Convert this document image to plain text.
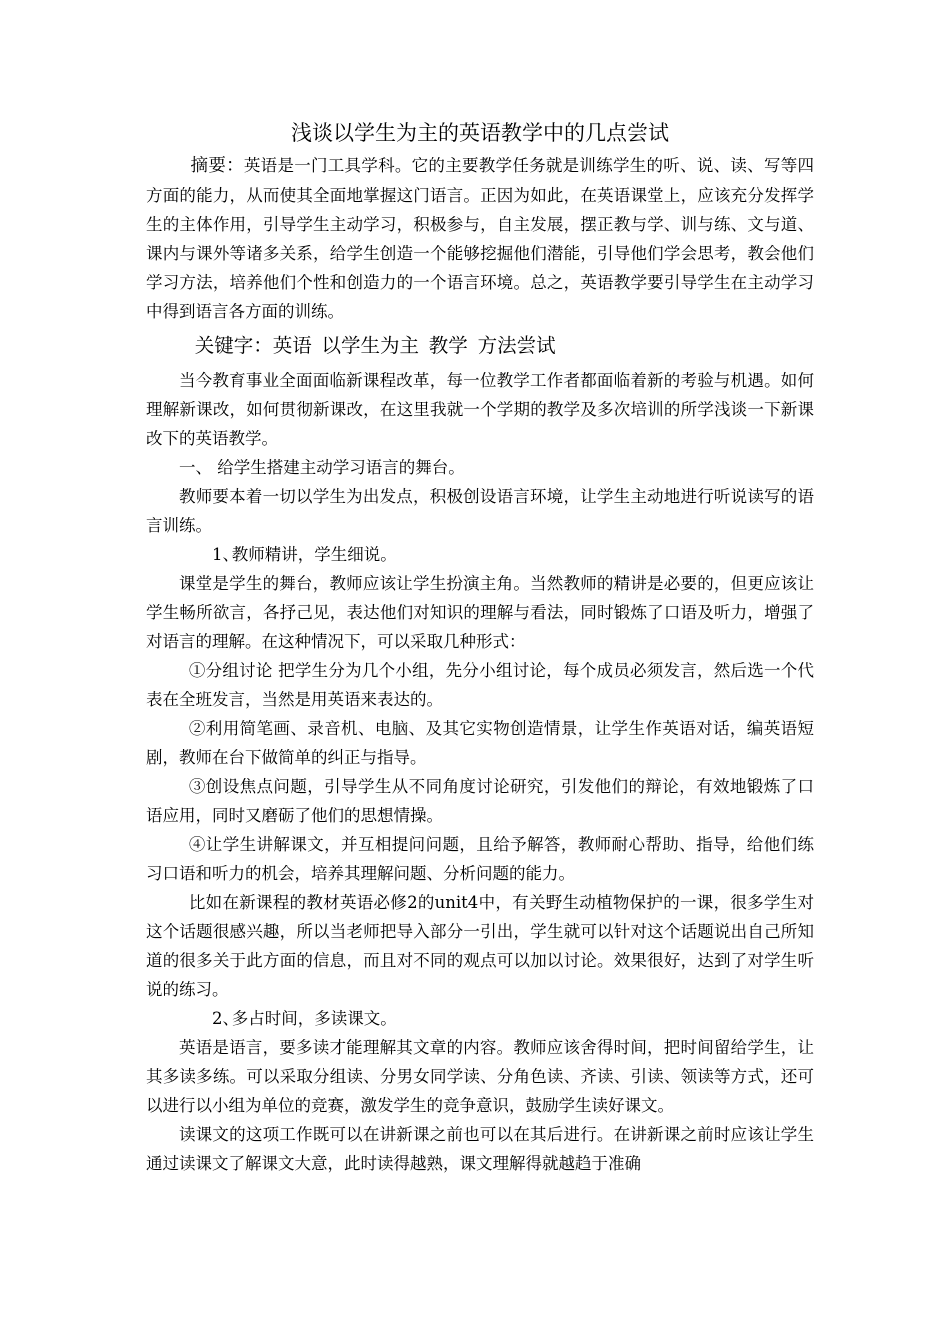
浅谈以学生为主的英语教学中的几点尝试

摘要：英语是一门工具学科。它的主要教学任务就是训练学生的听、说、读、写等四方面的能力，从而使其全面地掌握这门语言。正因为如此，在英语课堂上，应该充分发挥学生的主体作用，引导学生主动学习，积极参与，自主发展，摆正教与学、训与练、文与道、课内与课外等诸多关系，给学生创造一个能够挖掘他们潜能，引导他们学会思考，教会他们学习方法，培养他们个性和创造力的一个语言环境。总之，英语教学要引导学生在主动学习中得到语言各方面的训练。

关键字：英语 以学生为主 教学 方法尝试

当今教育事业全面面临新课程改革，每一位教学工作者都面临着新的考验与机遇。如何理解新课改，如何贯彻新课改，在这里我就一个学期的教学及多次培训的所学浅谈一下新课改下的英语教学。

一、 给学生搭建主动学习语言的舞台。

教师要本着一切以学生为出发点，积极创设语言环境，让学生主动地进行听说读写的语言训练。

1、教师精讲，学生细说。

课堂是学生的舞台，教师应该让学生扮演主角。当然教师的精讲是必要的，但更应该让学生畅所欲言，各抒己见，表达他们对知识的理解与看法，同时锻炼了口语及听力，增强了对语言的理解。在这种情况下，可以采取几种形式：

①分组讨论 把学生分为几个小组，先分小组讨论，每个成员必须发言，然后选一个代表在全班发言，当然是用英语来表达的。

②利用简笔画、录音机、电脑、及其它实物创造情景，让学生作英语对话，编英语短剧，教师在台下做简单的纠正与指导。

③创设焦点问题，引导学生从不同角度讨论研究，引发他们的辩论，有效地锻炼了口语应用，同时又磨砺了他们的思想情操。

④让学生讲解课文，并互相提问问题，且给予解答，教师耐心帮助、指导，给他们练习口语和听力的机会，培养其理解问题、分析问题的能力。

比如在新课程的教材英语必修2的unit4中，有关野生动植物保护的一课，很多学生对这个话题很感兴趣，所以当老师把导入部分一引出，学生就可以针对这个话题说出自己所知道的很多关于此方面的信息，而且对不同的观点可以加以讨论。效果很好，达到了对学生听说的练习。

2、多占时间，多读课文。

英语是语言，要多读才能理解其文章的内容。教师应该舍得时间，把时间留给学生，让其多读多练。可以采取分组读、分男女同学读、分角色读、齐读、引读、领读等方式，还可以进行以小组为单位的竞赛，激发学生的竞争意识，鼓励学生读好课文。

读课文的这项工作既可以在讲新课之前也可以在其后进行。在讲新课之前时应该让学生通过读课文了解课文大意，此时读得越熟，课文理解得就越趋于准确
